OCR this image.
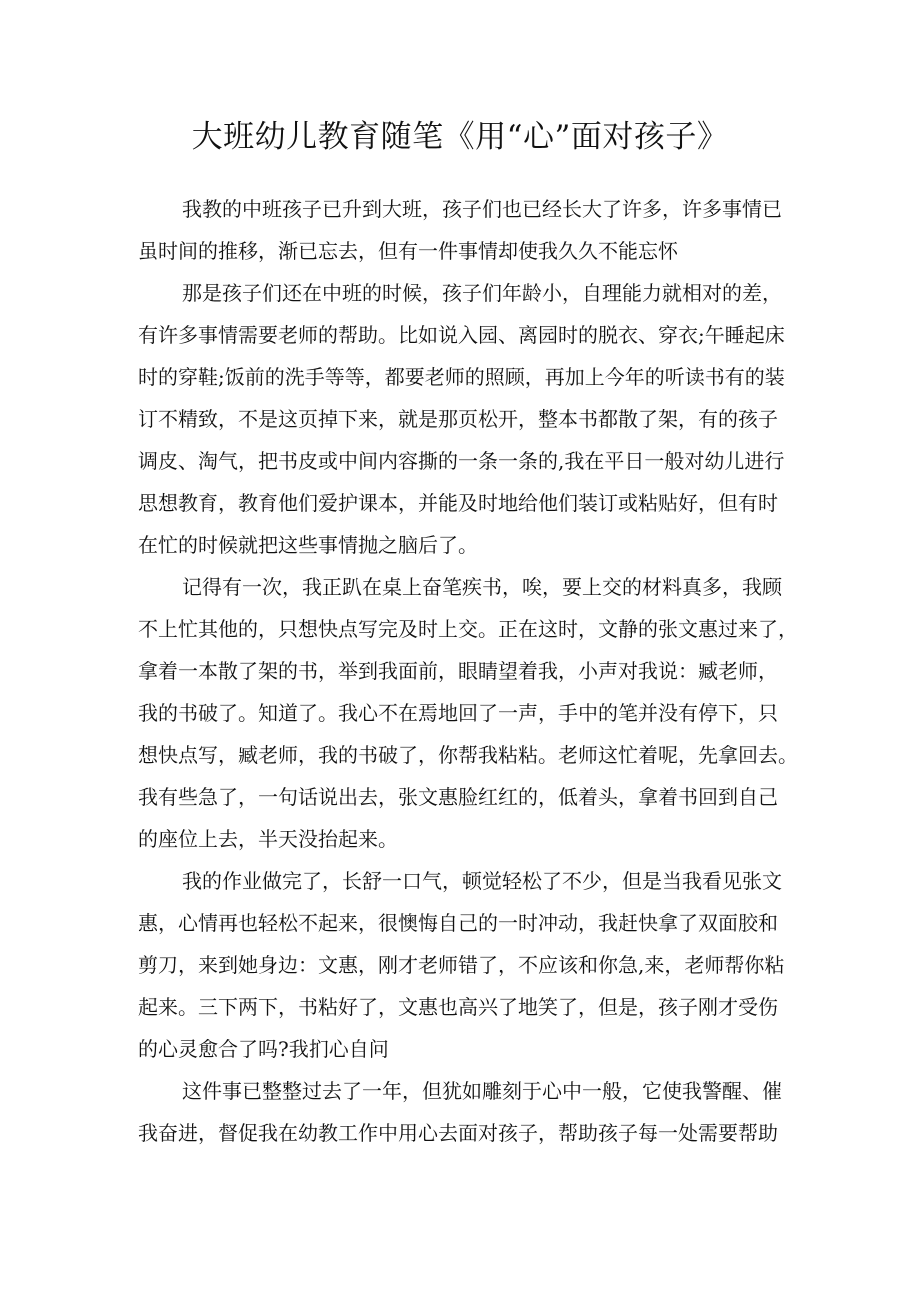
大班幼儿教育随笔《用“心”面对孩子》
我教的中班孩子已升到大班，孩子们也已经长大了许多，许多事情已
虽时间的推移，渐已忘去，但有一件事情却使我久久不能忘怀
那是孩子们还在中班的时候，孩子们年龄小，自理能力就相对的差，
有许多事情需要老师的帮助。比如说入园、离园时的脱衣、穿衣;午睡起床
时的穿鞋;饭前的洗手等等，都要老师的照顾，再加上今年的听读书有的装
订不精致，不是这页掉下来，就是那页松开，整本书都散了架，有的孩子
调皮、淘气，把书皮或中间内容撕的一条一条的,我在平日一般对幼儿进行
思想教育，教育他们爱护课本，并能及时地给他们装订或粘贴好，但有时
在忙的时候就把这些事情抛之脑后了。
记得有一次，我正趴在桌上奋笔疾书，唉，要上交的材料真多，我顾
不上忙其他的，只想快点写完及时上交。正在这时，文静的张文惠过来了，
拿着一本散了架的书，举到我面前，眼睛望着我，小声对我说：臧老师，
我的书破了。知道了。我心不在焉地回了一声，手中的笔并没有停下，只
想快点写，臧老师，我的书破了，你帮我粘粘。老师这忙着呢，先拿回去。
我有些急了，一句话说出去，张文惠脸红红的，低着头，拿着书回到自己
的座位上去，半天没抬起来。
我的作业做完了，长舒一口气，顿觉轻松了不少，但是当我看见张文
惠，心情再也轻松不起来，很懊悔自己的一时冲动，我赶快拿了双面胶和
剪刀，来到她身边：文惠，刚才老师错了，不应该和你急,来，老师帮你粘
起来。三下两下，书粘好了，文惠也高兴了地笑了，但是，孩子刚才受伤
的心灵愈合了吗?我扪心自问
这件事已整整过去了一年，但犹如雕刻于心中一般，它使我警醒、催
我奋进，督促我在幼教工作中用心去面对孩子，帮助孩子每一处需要帮助
